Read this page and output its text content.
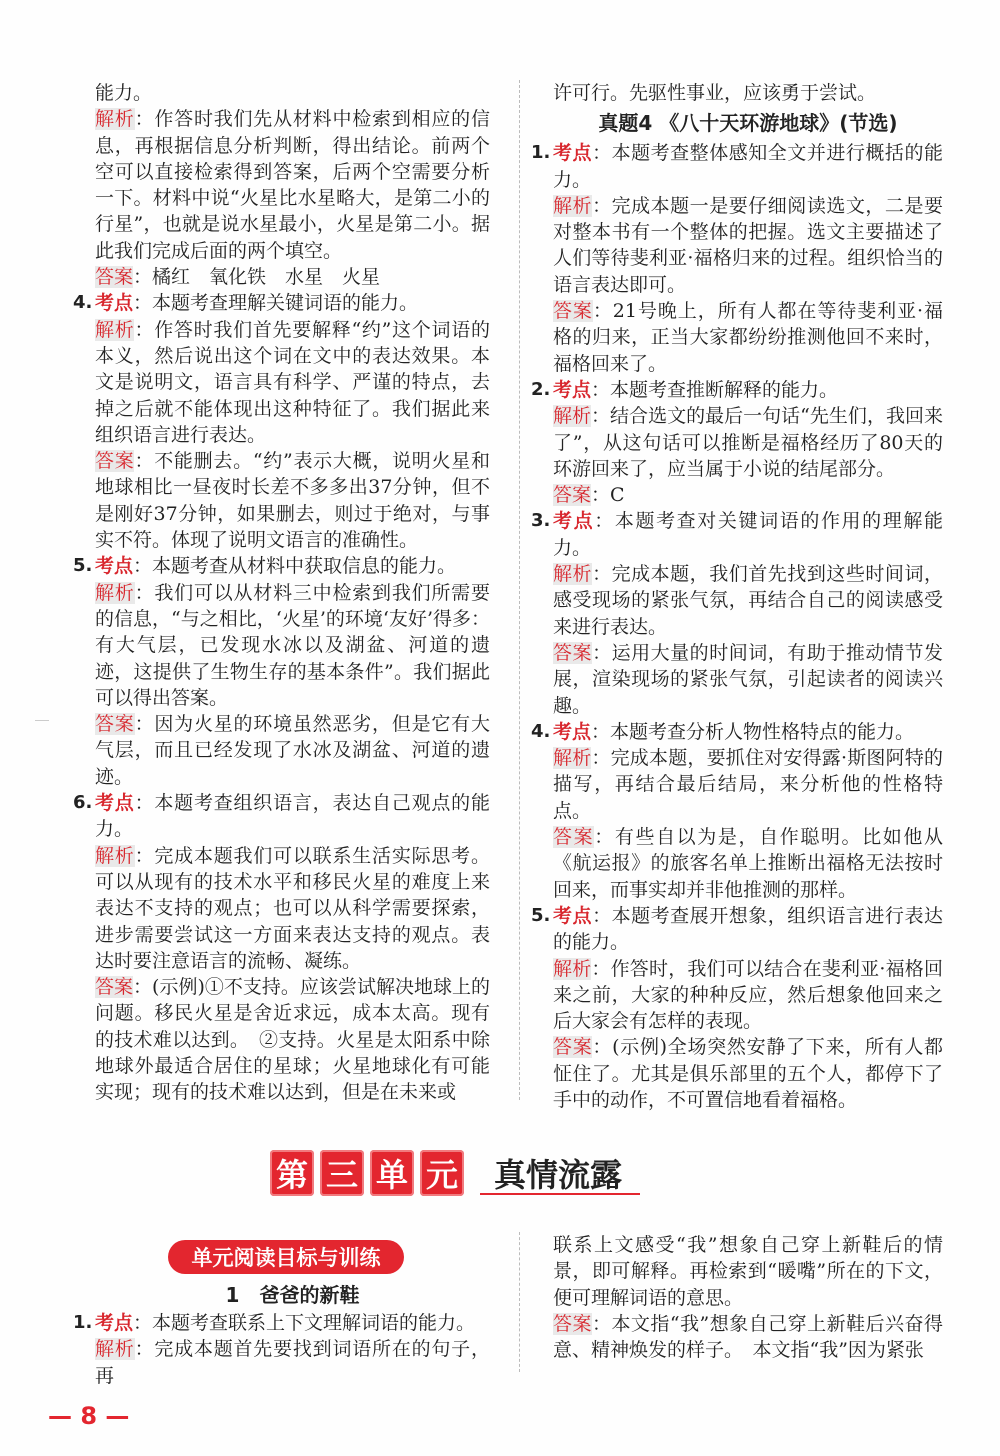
能力。

解析：作答时我们先从材料中检索到相应的信息，再根据信息分析判断，得出结论。前两个空可以直接检索得到答案，后两个空需要分析一下。材料中说“火星比水星略大，是第二小的行星”，也就是说水星最小，火星是第二小。据此我们完成后面的两个填空。

答案：橘红　氧化铁　水星　火星

4. 考点：本题考查理解关键词语的能力。

解析：作答时我们首先要解释“约”这个词语的本义，然后说出这个词在文中的表达效果。本文是说明文，语言具有科学、严谨的特点，去掉之后就不能体现出这种特征了。我们据此来组织语言进行表达。

答案：不能删去。“约”表示大概，说明火星和地球相比一昼夜时长差不多多出37分钟，但不是刚好37分钟，如果删去，则过于绝对，与事实不符。体现了说明文语言的准确性。

5. 考点：本题考查从材料中获取信息的能力。

解析：我们可以从材料三中检索到我们所需要的信息，“与之相比，‘火星’的环境‘友好’得多：有大气层，已发现水冰以及湖盆、河道的遗迹，这提供了生物生存的基本条件”。我们据此可以得出答案。

答案：因为火星的环境虽然恶劣，但是它有大气层，而且已经发现了水冰及湖盆、河道的遗迹。

6. 考点：本题考查组织语言，表达自己观点的能力。

解析：完成本题我们可以联系生活实际思考。可以从现有的技术水平和移民火星的难度上来表达不支持的观点；也可以从科学需要探索，进步需要尝试这一方面来表达支持的观点。表达时要注意语言的流畅、凝练。

答案：(示例)①不支持。应该尝试解决地球上的问题。移民火星是舍近求远，成本太高。现有的技术难以达到。　②支持。火星是太阳系中除地球外最适合居住的星球；火星地球化有可能实现；现有的技术难以达到，但是在未来或

许可行。先驱性事业，应该勇于尝试。

真题4 《八十天环游地球》(节选)
1. 考点：本题考查整体感知全文并进行概括的能力。

解析：完成本题一是要仔细阅读选文，二是要对整本书有一个整体的把握。选文主要描述了人们等待斐利亚·福格归来的过程。组织恰当的语言表达即可。

答案：21号晚上，所有人都在等待斐利亚·福格的归来，正当大家都纷纷推测他回不来时，福格回来了。

2. 考点：本题考查推断解释的能力。

解析：结合选文的最后一句话“先生们，我回来了”，从这句话可以推断是福格经历了80天的环游回来了，应当属于小说的结尾部分。

答案：C

3. 考点：本题考查对关键词语的作用的理解能力。

解析：完成本题，我们首先找到这些时间词，感受现场的紧张气氛，再结合自己的阅读感受来进行表达。

答案：运用大量的时间词，有助于推动情节发展，渲染现场的紧张气氛，引起读者的阅读兴趣。

4. 考点：本题考查分析人物性格特点的能力。

解析：完成本题，要抓住对安得露·斯图阿特的描写，再结合最后结局，来分析他的性格特点。

答案：有些自以为是，自作聪明。比如他从《航运报》的旅客名单上推断出福格无法按时回来，而事实却并非他推测的那样。

5. 考点：本题考查展开想象，组织语言进行表达的能力。

解析：作答时，我们可以结合在斐利亚·福格回来之前，大家的种种反应，然后想象他回来之后大家会有怎样的表现。

答案：(示例)全场突然安静了下来，所有人都怔住了。尤其是俱乐部里的五个人，都停下了手中的动作，不可置信地看着福格。

第 三 单 元 真情流露
单元阅读目标与训练
1　爸爸的新鞋
1. 考点：本题考查联系上下文理解词语的能力。

解析：完成本题首先要找到词语所在的句子，再

联系上文感受“我”想象自己穿上新鞋后的情景，即可解释。再检索到“暖嘴”所在的下文，便可理解词语的意思。

答案：本文指“我”想象自己穿上新鞋后兴奋得意、精神焕发的样子。　本文指“我”因为紧张

— 8 —
